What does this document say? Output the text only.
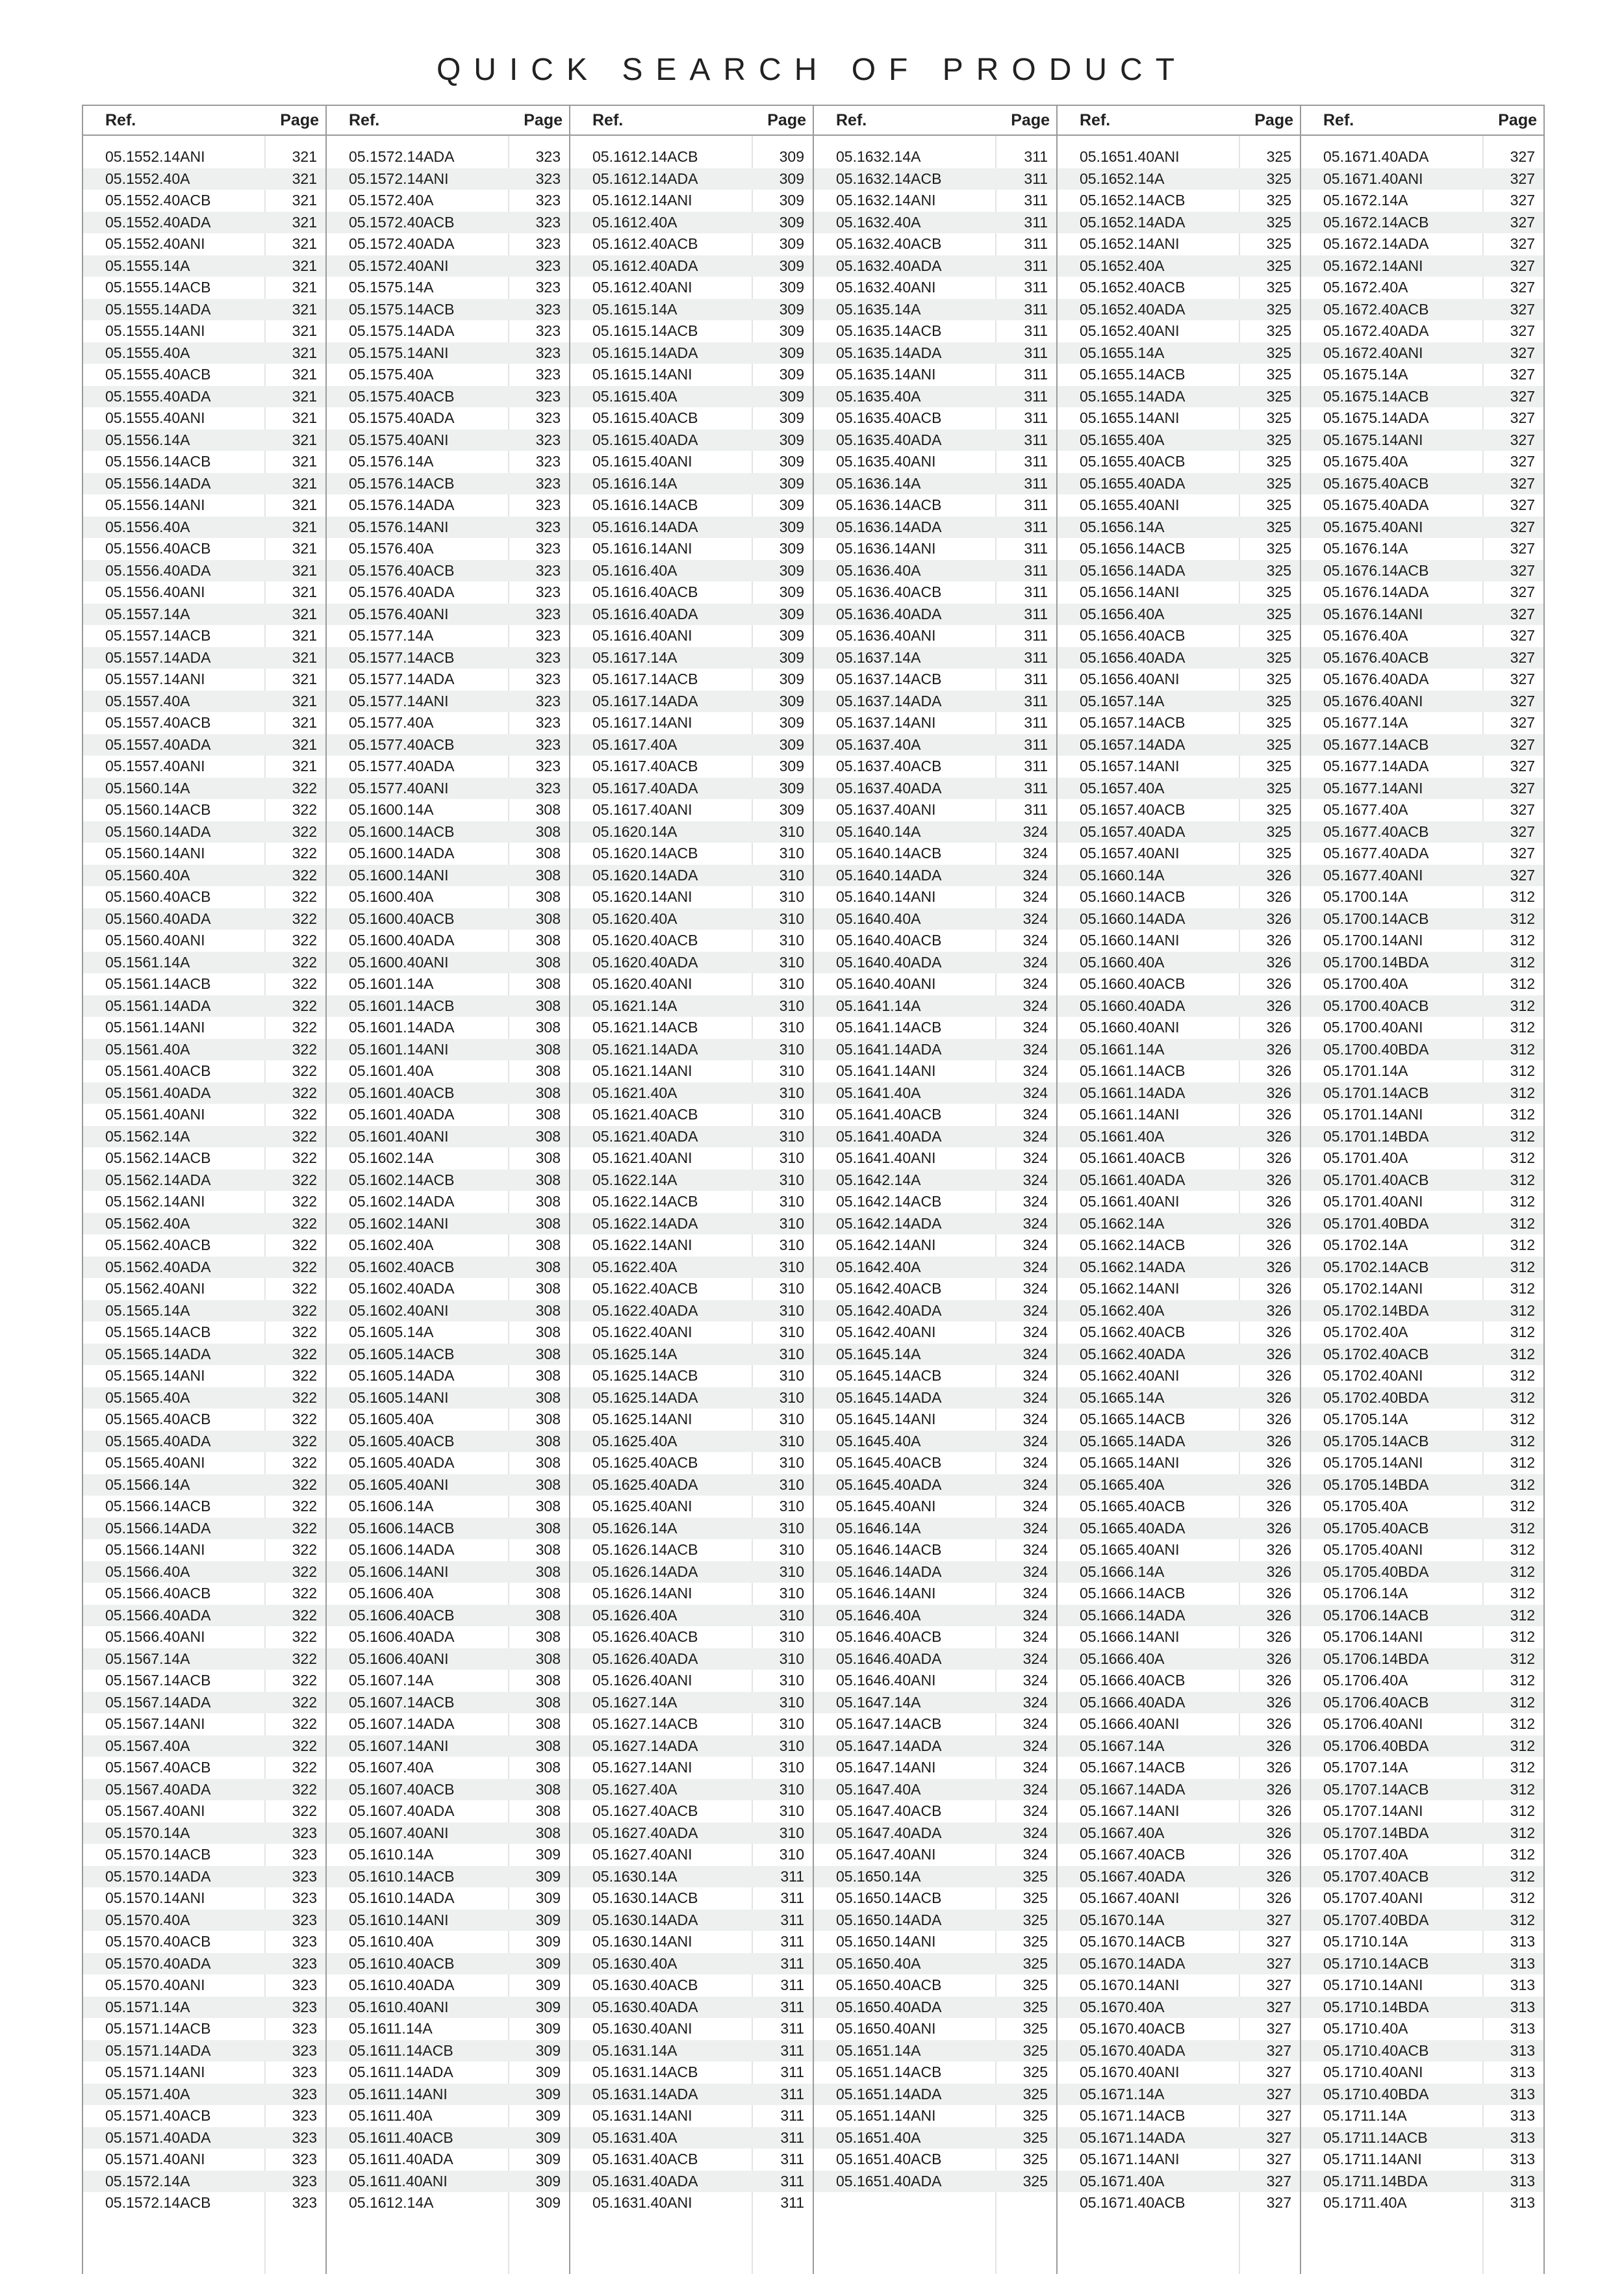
QUICK SEARCH OF PRODUCT
Ref.	Page
05.1552.14ANI	321
05.1552.40A	321
05.1552.40ACB	321
05.1552.40ADA	321
05.1552.40ANI	321
05.1555.14A	321
05.1555.14ACB	321
05.1555.14ADA	321
05.1555.14ANI	321
05.1555.40A	321
05.1555.40ACB	321
05.1555.40ADA	321
05.1555.40ANI	321
05.1556.14A	321
05.1556.14ACB	321
05.1556.14ADA	321
05.1556.14ANI	321
05.1556.40A	321
05.1556.40ACB	321
05.1556.40ADA	321
05.1556.40ANI	321
05.1557.14A	321
05.1557.14ACB	321
05.1557.14ADA	321
05.1557.14ANI	321
05.1557.40A	321
05.1557.40ACB	321
05.1557.40ADA	321
05.1557.40ANI	321
05.1560.14A	322
05.1560.14ACB	322
05.1560.14ADA	322
05.1560.14ANI	322
05.1560.40A	322
05.1560.40ACB	322
05.1560.40ADA	322
05.1560.40ANI	322
05.1561.14A	322
05.1561.14ACB	322
05.1561.14ADA	322
05.1561.14ANI	322
05.1561.40A	322
05.1561.40ACB	322
05.1561.40ADA	322
05.1561.40ANI	322
05.1562.14A	322
05.1562.14ACB	322
05.1562.14ADA	322
05.1562.14ANI	322
05.1562.40A	322
05.1562.40ACB	322
05.1562.40ADA	322
05.1562.40ANI	322
05.1565.14A	322
05.1565.14ACB	322
05.1565.14ADA	322
05.1565.14ANI	322
05.1565.40A	322
05.1565.40ACB	322
05.1565.40ADA	322
05.1565.40ANI	322
05.1566.14A	322
05.1566.14ACB	322
05.1566.14ADA	322
05.1566.14ANI	322
05.1566.40A	322
05.1566.40ACB	322
05.1566.40ADA	322
05.1566.40ANI	322
05.1567.14A	322
05.1567.14ACB	322
05.1567.14ADA	322
05.1567.14ANI	322
05.1567.40A	322
05.1567.40ACB	322
05.1567.40ADA	322
05.1567.40ANI	322
05.1570.14A	323
05.1570.14ACB	323
05.1570.14ADA	323
05.1570.14ANI	323
05.1570.40A	323
05.1570.40ACB	323
05.1570.40ADA	323
05.1570.40ANI	323
05.1571.14A	323
05.1571.14ACB	323
05.1571.14ADA	323
05.1571.14ANI	323
05.1571.40A	323
05.1571.40ACB	323
05.1571.40ADA	323
05.1571.40ANI	323
05.1572.14A	323
05.1572.14ACB	323
Ref.	Page
05.1572.14ADA	323
05.1572.14ANI	323
05.1572.40A	323
05.1572.40ACB	323
05.1572.40ADA	323
05.1572.40ANI	323
05.1575.14A	323
05.1575.14ACB	323
05.1575.14ADA	323
05.1575.14ANI	323
05.1575.40A	323
05.1575.40ACB	323
05.1575.40ADA	323
05.1575.40ANI	323
05.1576.14A	323
05.1576.14ACB	323
05.1576.14ADA	323
05.1576.14ANI	323
05.1576.40A	323
05.1576.40ACB	323
05.1576.40ADA	323
05.1576.40ANI	323
05.1577.14A	323
05.1577.14ACB	323
05.1577.14ADA	323
05.1577.14ANI	323
05.1577.40A	323
05.1577.40ACB	323
05.1577.40ADA	323
05.1577.40ANI	323
05.1600.14A	308
05.1600.14ACB	308
05.1600.14ADA	308
05.1600.14ANI	308
05.1600.40A	308
05.1600.40ACB	308
05.1600.40ADA	308
05.1600.40ANI	308
05.1601.14A	308
05.1601.14ACB	308
05.1601.14ADA	308
05.1601.14ANI	308
05.1601.40A	308
05.1601.40ACB	308
05.1601.40ADA	308
05.1601.40ANI	308
05.1602.14A	308
05.1602.14ACB	308
05.1602.14ADA	308
05.1602.14ANI	308
05.1602.40A	308
05.1602.40ACB	308
05.1602.40ADA	308
05.1602.40ANI	308
05.1605.14A	308
05.1605.14ACB	308
05.1605.14ADA	308
05.1605.14ANI	308
05.1605.40A	308
05.1605.40ACB	308
05.1605.40ADA	308
05.1605.40ANI	308
05.1606.14A	308
05.1606.14ACB	308
05.1606.14ADA	308
05.1606.14ANI	308
05.1606.40A	308
05.1606.40ACB	308
05.1606.40ADA	308
05.1606.40ANI	308
05.1607.14A	308
05.1607.14ACB	308
05.1607.14ADA	308
05.1607.14ANI	308
05.1607.40A	308
05.1607.40ACB	308
05.1607.40ADA	308
05.1607.40ANI	308
05.1610.14A	309
05.1610.14ACB	309
05.1610.14ADA	309
05.1610.14ANI	309
05.1610.40A	309
05.1610.40ACB	309
05.1610.40ADA	309
05.1610.40ANI	309
05.1611.14A	309
05.1611.14ACB	309
05.1611.14ADA	309
05.1611.14ANI	309
05.1611.40A	309
05.1611.40ACB	309
05.1611.40ADA	309
05.1611.40ANI	309
05.1612.14A	309
Ref.	Page
05.1612.14ACB	309
05.1612.14ADA	309
05.1612.14ANI	309
05.1612.40A	309
05.1612.40ACB	309
05.1612.40ADA	309
05.1612.40ANI	309
05.1615.14A	309
05.1615.14ACB	309
05.1615.14ADA	309
05.1615.14ANI	309
05.1615.40A	309
05.1615.40ACB	309
05.1615.40ADA	309
05.1615.40ANI	309
05.1616.14A	309
05.1616.14ACB	309
05.1616.14ADA	309
05.1616.14ANI	309
05.1616.40A	309
05.1616.40ACB	309
05.1616.40ADA	309
05.1616.40ANI	309
05.1617.14A	309
05.1617.14ACB	309
05.1617.14ADA	309
05.1617.14ANI	309
05.1617.40A	309
05.1617.40ACB	309
05.1617.40ADA	309
05.1617.40ANI	309
05.1620.14A	310
05.1620.14ACB	310
05.1620.14ADA	310
05.1620.14ANI	310
05.1620.40A	310
05.1620.40ACB	310
05.1620.40ADA	310
05.1620.40ANI	310
05.1621.14A	310
05.1621.14ACB	310
05.1621.14ADA	310
05.1621.14ANI	310
05.1621.40A	310
05.1621.40ACB	310
05.1621.40ADA	310
05.1621.40ANI	310
05.1622.14A	310
05.1622.14ACB	310
05.1622.14ADA	310
05.1622.14ANI	310
05.1622.40A	310
05.1622.40ACB	310
05.1622.40ADA	310
05.1622.40ANI	310
05.1625.14A	310
05.1625.14ACB	310
05.1625.14ADA	310
05.1625.14ANI	310
05.1625.40A	310
05.1625.40ACB	310
05.1625.40ADA	310
05.1625.40ANI	310
05.1626.14A	310
05.1626.14ACB	310
05.1626.14ADA	310
05.1626.14ANI	310
05.1626.40A	310
05.1626.40ACB	310
05.1626.40ADA	310
05.1626.40ANI	310
05.1627.14A	310
05.1627.14ACB	310
05.1627.14ADA	310
05.1627.14ANI	310
05.1627.40A	310
05.1627.40ACB	310
05.1627.40ADA	310
05.1627.40ANI	310
05.1630.14A	311
05.1630.14ACB	311
05.1630.14ADA	311
05.1630.14ANI	311
05.1630.40A	311
05.1630.40ACB	311
05.1630.40ADA	311
05.1630.40ANI	311
05.1631.14A	311
05.1631.14ACB	311
05.1631.14ADA	311
05.1631.14ANI	311
05.1631.40A	311
05.1631.40ACB	311
05.1631.40ADA	311
05.1631.40ANI	311
Ref.	Page
05.1632.14A	311
05.1632.14ACB	311
05.1632.14ANI	311
05.1632.40A	311
05.1632.40ACB	311
05.1632.40ADA	311
05.1632.40ANI	311
05.1635.14A	311
05.1635.14ACB	311
05.1635.14ADA	311
05.1635.14ANI	311
05.1635.40A	311
05.1635.40ACB	311
05.1635.40ADA	311
05.1635.40ANI	311
05.1636.14A	311
05.1636.14ACB	311
05.1636.14ADA	311
05.1636.14ANI	311
05.1636.40A	311
05.1636.40ACB	311
05.1636.40ADA	311
05.1636.40ANI	311
05.1637.14A	311
05.1637.14ACB	311
05.1637.14ADA	311
05.1637.14ANI	311
05.1637.40A	311
05.1637.40ACB	311
05.1637.40ADA	311
05.1637.40ANI	311
05.1640.14A	324
05.1640.14ACB	324
05.1640.14ADA	324
05.1640.14ANI	324
05.1640.40A	324
05.1640.40ACB	324
05.1640.40ADA	324
05.1640.40ANI	324
05.1641.14A	324
05.1641.14ACB	324
05.1641.14ADA	324
05.1641.14ANI	324
05.1641.40A	324
05.1641.40ACB	324
05.1641.40ADA	324
05.1641.40ANI	324
05.1642.14A	324
05.1642.14ACB	324
05.1642.14ADA	324
05.1642.14ANI	324
05.1642.40A	324
05.1642.40ACB	324
05.1642.40ADA	324
05.1642.40ANI	324
05.1645.14A	324
05.1645.14ACB	324
05.1645.14ADA	324
05.1645.14ANI	324
05.1645.40A	324
05.1645.40ACB	324
05.1645.40ADA	324
05.1645.40ANI	324
05.1646.14A	324
05.1646.14ACB	324
05.1646.14ADA	324
05.1646.14ANI	324
05.1646.40A	324
05.1646.40ACB	324
05.1646.40ADA	324
05.1646.40ANI	324
05.1647.14A	324
05.1647.14ACB	324
05.1647.14ADA	324
05.1647.14ANI	324
05.1647.40A	324
05.1647.40ACB	324
05.1647.40ADA	324
05.1647.40ANI	324
05.1650.14A	325
05.1650.14ACB	325
05.1650.14ADA	325
05.1650.14ANI	325
05.1650.40A	325
05.1650.40ACB	325
05.1650.40ADA	325
05.1650.40ANI	325
05.1651.14A	325
05.1651.14ACB	325
05.1651.14ADA	325
05.1651.14ANI	325
05.1651.40A	325
05.1651.40ACB	325
05.1651.40ADA	325
Ref.	Page
05.1651.40ANI	325
05.1652.14A	325
05.1652.14ACB	325
05.1652.14ADA	325
05.1652.14ANI	325
05.1652.40A	325
05.1652.40ACB	325
05.1652.40ADA	325
05.1652.40ANI	325
05.1655.14A	325
05.1655.14ACB	325
05.1655.14ADA	325
05.1655.14ANI	325
05.1655.40A	325
05.1655.40ACB	325
05.1655.40ADA	325
05.1655.40ANI	325
05.1656.14A	325
05.1656.14ACB	325
05.1656.14ADA	325
05.1656.14ANI	325
05.1656.40A	325
05.1656.40ACB	325
05.1656.40ADA	325
05.1656.40ANI	325
05.1657.14A	325
05.1657.14ACB	325
05.1657.14ADA	325
05.1657.14ANI	325
05.1657.40A	325
05.1657.40ACB	325
05.1657.40ADA	325
05.1657.40ANI	325
05.1660.14A	326
05.1660.14ACB	326
05.1660.14ADA	326
05.1660.14ANI	326
05.1660.40A	326
05.1660.40ACB	326
05.1660.40ADA	326
05.1660.40ANI	326
05.1661.14A	326
05.1661.14ACB	326
05.1661.14ADA	326
05.1661.14ANI	326
05.1661.40A	326
05.1661.40ACB	326
05.1661.40ADA	326
05.1661.40ANI	326
05.1662.14A	326
05.1662.14ACB	326
05.1662.14ADA	326
05.1662.14ANI	326
05.1662.40A	326
05.1662.40ACB	326
05.1662.40ADA	326
05.1662.40ANI	326
05.1665.14A	326
05.1665.14ACB	326
05.1665.14ADA	326
05.1665.14ANI	326
05.1665.40A	326
05.1665.40ACB	326
05.1665.40ADA	326
05.1665.40ANI	326
05.1666.14A	326
05.1666.14ACB	326
05.1666.14ADA	326
05.1666.14ANI	326
05.1666.40A	326
05.1666.40ACB	326
05.1666.40ADA	326
05.1666.40ANI	326
05.1667.14A	326
05.1667.14ACB	326
05.1667.14ADA	326
05.1667.14ANI	326
05.1667.40A	326
05.1667.40ACB	326
05.1667.40ADA	326
05.1667.40ANI	326
05.1670.14A	327
05.1670.14ACB	327
05.1670.14ADA	327
05.1670.14ANI	327
05.1670.40A	327
05.1670.40ACB	327
05.1670.40ADA	327
05.1670.40ANI	327
05.1671.14A	327
05.1671.14ACB	327
05.1671.14ADA	327
05.1671.14ANI	327
05.1671.40A	327
05.1671.40ACB	327
Ref.	Page
05.1671.40ADA	327
05.1671.40ANI	327
05.1672.14A	327
05.1672.14ACB	327
05.1672.14ADA	327
05.1672.14ANI	327
05.1672.40A	327
05.1672.40ACB	327
05.1672.40ADA	327
05.1672.40ANI	327
05.1675.14A	327
05.1675.14ACB	327
05.1675.14ADA	327
05.1675.14ANI	327
05.1675.40A	327
05.1675.40ACB	327
05.1675.40ADA	327
05.1675.40ANI	327
05.1676.14A	327
05.1676.14ACB	327
05.1676.14ADA	327
05.1676.14ANI	327
05.1676.40A	327
05.1676.40ACB	327
05.1676.40ADA	327
05.1676.40ANI	327
05.1677.14A	327
05.1677.14ACB	327
05.1677.14ADA	327
05.1677.14ANI	327
05.1677.40A	327
05.1677.40ACB	327
05.1677.40ADA	327
05.1677.40ANI	327
05.1700.14A	312
05.1700.14ACB	312
05.1700.14ANI	312
05.1700.14BDA	312
05.1700.40A	312
05.1700.40ACB	312
05.1700.40ANI	312
05.1700.40BDA	312
05.1701.14A	312
05.1701.14ACB	312
05.1701.14ANI	312
05.1701.14BDA	312
05.1701.40A	312
05.1701.40ACB	312
05.1701.40ANI	312
05.1701.40BDA	312
05.1702.14A	312
05.1702.14ACB	312
05.1702.14ANI	312
05.1702.14BDA	312
05.1702.40A	312
05.1702.40ACB	312
05.1702.40ANI	312
05.1702.40BDA	312
05.1705.14A	312
05.1705.14ACB	312
05.1705.14ANI	312
05.1705.14BDA	312
05.1705.40A	312
05.1705.40ACB	312
05.1705.40ANI	312
05.1705.40BDA	312
05.1706.14A	312
05.1706.14ACB	312
05.1706.14ANI	312
05.1706.14BDA	312
05.1706.40A	312
05.1706.40ACB	312
05.1706.40ANI	312
05.1706.40BDA	312
05.1707.14A	312
05.1707.14ACB	312
05.1707.14ANI	312
05.1707.14BDA	312
05.1707.40A	312
05.1707.40ACB	312
05.1707.40ANI	312
05.1707.40BDA	312
05.1710.14A	313
05.1710.14ACB	313
05.1710.14ANI	313
05.1710.14BDA	313
05.1710.40A	313
05.1710.40ACB	313
05.1710.40ANI	313
05.1710.40BDA	313
05.1711.14A	313
05.1711.14ACB	313
05.1711.14ANI	313
05.1711.14BDA	313
05.1711.40A	313
